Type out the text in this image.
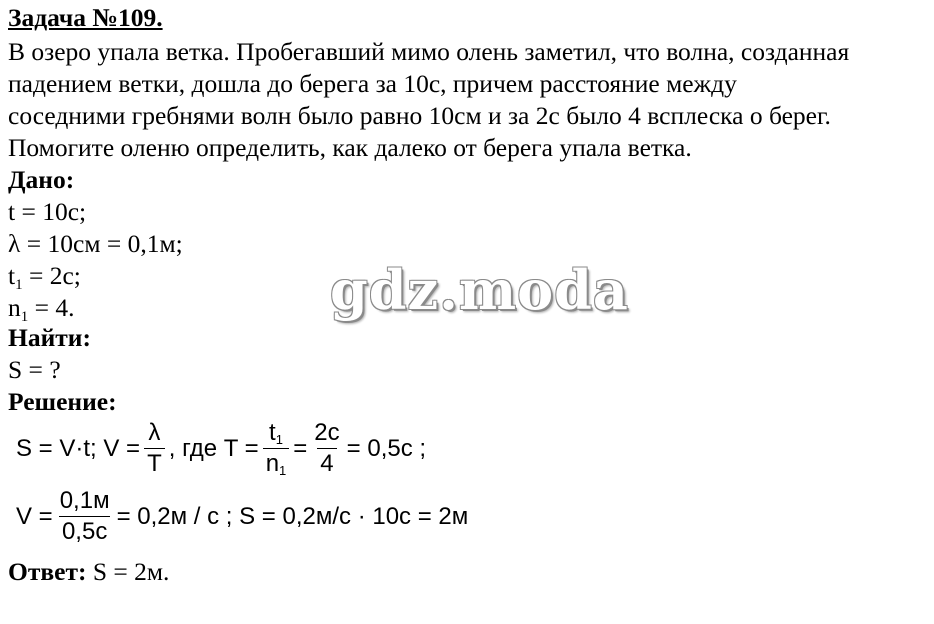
Задача №109.
В озеро упала ветка. Пробегавший мимо олень заметил, что волна, созданная
падением ветки, дошла до берега за 10с, причем расстояние между
соседними гребнями волн было равно 10см и за 2с было 4 всплеска о берег.
Помогите оленю определить, как далеко от берега упала ветка.
Дано:
t = 10с;
λ = 10см = 0,1м;
$t_1 = 2с$;
$n_1 = 4$.
Найти:
S = ?
Решение:
S = V·t; $V = \frac{\lambda}{T}$ , где $T = \frac{t_1}{n_1} = \frac{2с}{4} = 0,5с$ ;
$V = \frac{0,1м}{0,5с} = 0,2м / с$ ; S = 0,2м/с · 10с = 2м
Ответ: S = 2м.
gdz.moda
